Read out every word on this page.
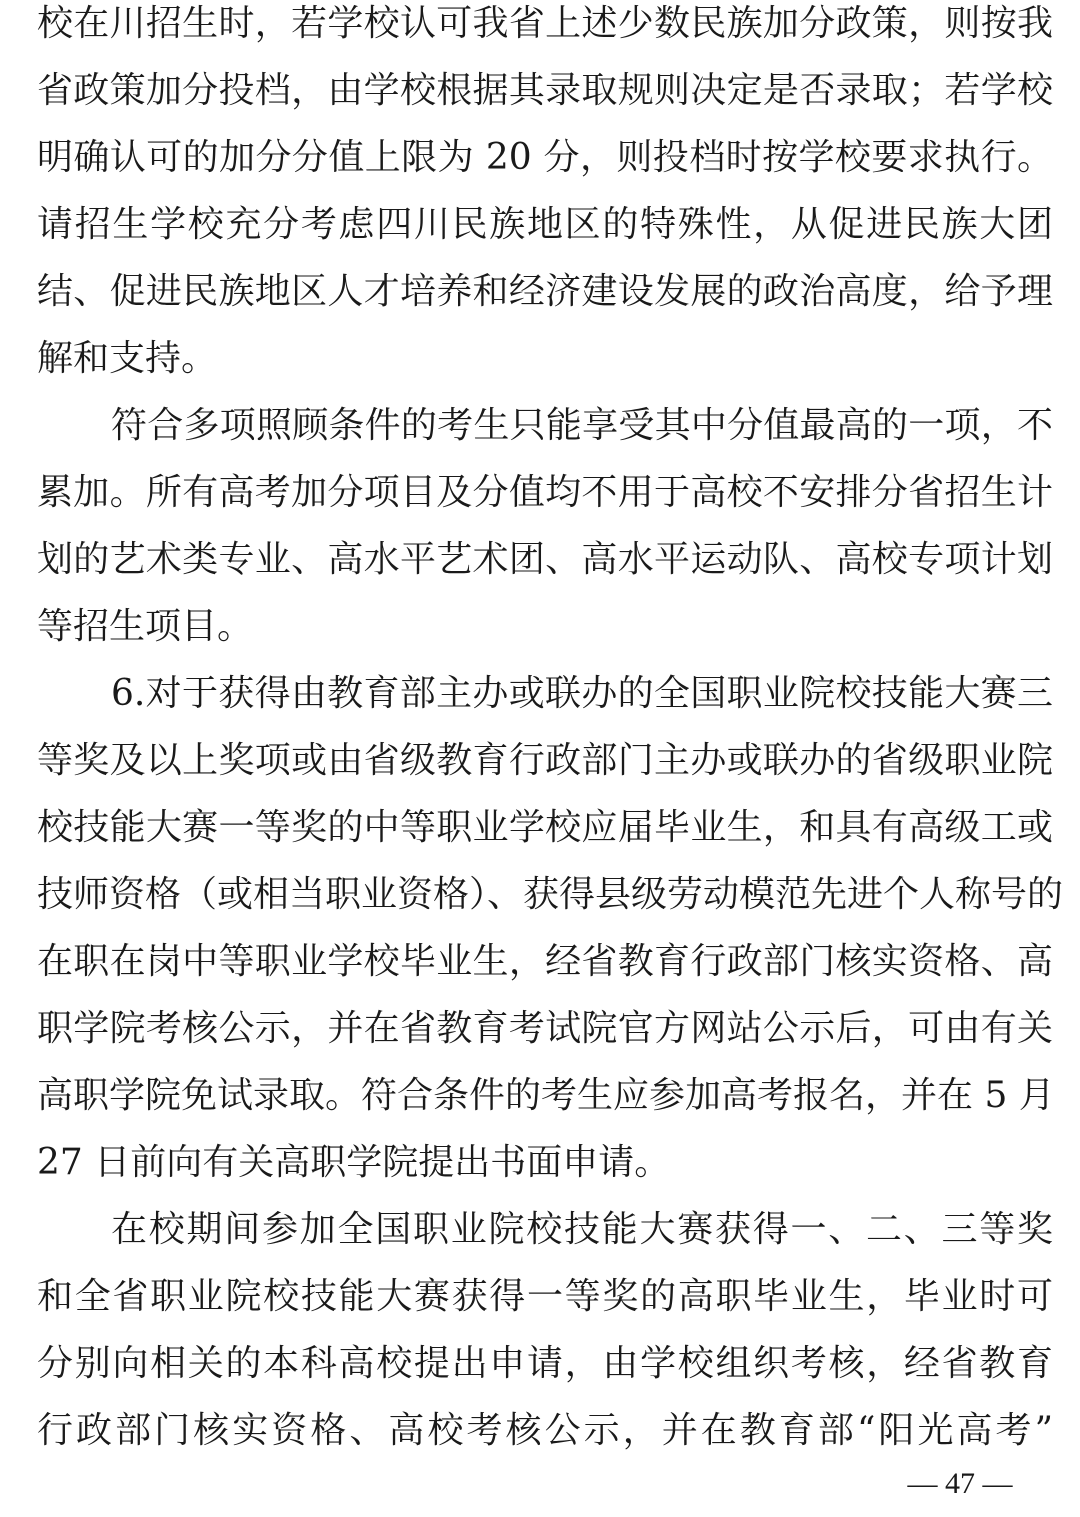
校在川招生时，若学校认可我省上述少数民族加分政策，则按我
省政策加分投档，由学校根据其录取规则决定是否录取；若学校
明确认可的加分分值上限为 20 分，则投档时按学校要求执行。
请招生学校充分考虑四川民族地区的特殊性，从促进民族大团
结、促进民族地区人才培养和经济建设发展的政治高度，给予理
解和支持。
符合多项照顾条件的考生只能享受其中分值最高的一项，不
累加。所有高考加分项目及分值均不用于高校不安排分省招生计
划的艺术类专业、高水平艺术团、高水平运动队、高校专项计划
等招生项目。
6.对于获得由教育部主办或联办的全国职业院校技能大赛三
等奖及以上奖项或由省级教育行政部门主办或联办的省级职业院
校技能大赛一等奖的中等职业学校应届毕业生，和具有高级工或
技师资格（或相当职业资格）、获得县级劳动模范先进个人称号的
在职在岗中等职业学校毕业生，经省教育行政部门核实资格、高
职学院考核公示，并在省教育考试院官方网站公示后，可由有关
高职学院免试录取。符合条件的考生应参加高考报名，并在 5 月
27 日前向有关高职学院提出书面申请。
在校期间参加全国职业院校技能大赛获得一、二、三等奖
和全省职业院校技能大赛获得一等奖的高职毕业生，毕业时可
分别向相关的本科高校提出申请，由学校组织考核，经省教育
行政部门核实资格、高校考核公示，并在教育部“阳光高考”
— 47 —
